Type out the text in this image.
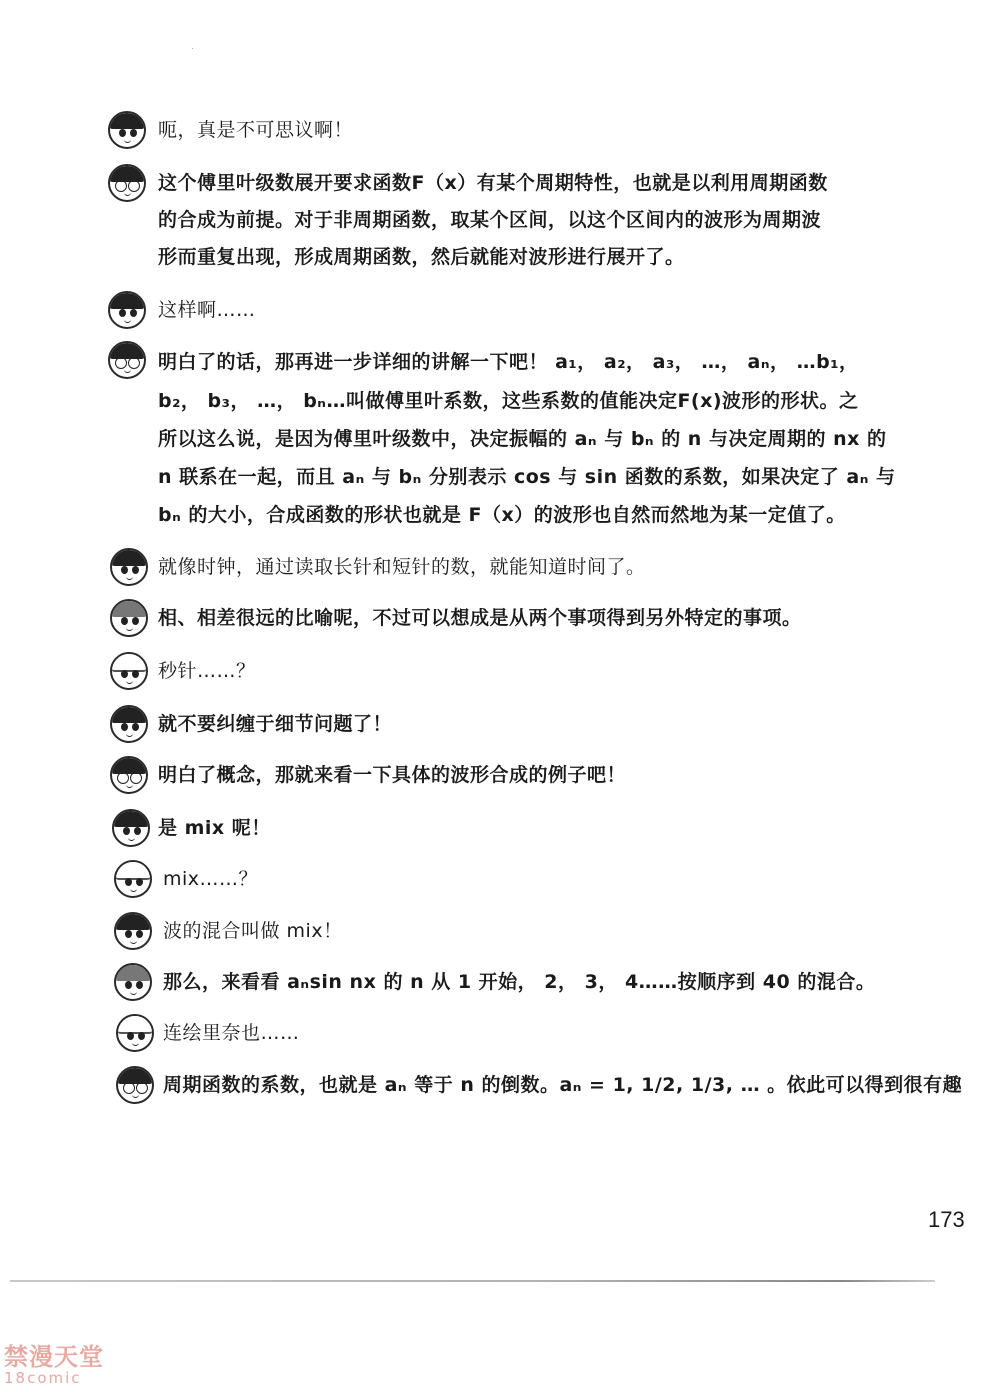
呃，真是不可思议啊！
这个傅里叶级数展开要求函数F（x）有某个周期特性，也就是以利用周期函数
的合成为前提。对于非周期函数，取某个区间，以这个区间内的波形为周期波
形而重复出现，形成周期函数，然后就能对波形进行展开了。
这样啊……
明白了的话，那再进一步详细的讲解一下吧！ a₁， a₂， a₃， …， aₙ， …b₁，
b₂， b₃， …， bₙ…叫做傅里叶系数，这些系数的值能决定F(x)波形的形状。之
所以这么说，是因为傅里叶级数中，决定振幅的 aₙ 与 bₙ 的 n 与决定周期的 nx 的
n 联系在一起，而且 aₙ 与 bₙ 分别表示 cos 与 sin 函数的系数，如果决定了 aₙ 与
bₙ 的大小，合成函数的形状也就是 F（x）的波形也自然而然地为某一定值了。
就像时钟，通过读取长针和短针的数，就能知道时间了。
相、相差很远的比喻呢，不过可以想成是从两个事项得到另外特定的事项。
秒针……？
就不要纠缠于细节问题了！
明白了概念，那就来看一下具体的波形合成的例子吧！
是 mix 呢！
mix……？
波的混合叫做 mix！
那么，来看看 aₙsin nx 的 n 从 1 开始， 2， 3， 4……按顺序到 40 的混合。
连绘里奈也……
周期函数的系数，也就是 aₙ 等于 n 的倒数。aₙ = 1, 1/2, 1/3, … 。依此可以得到很有趣
173
禁漫天堂
18comic
